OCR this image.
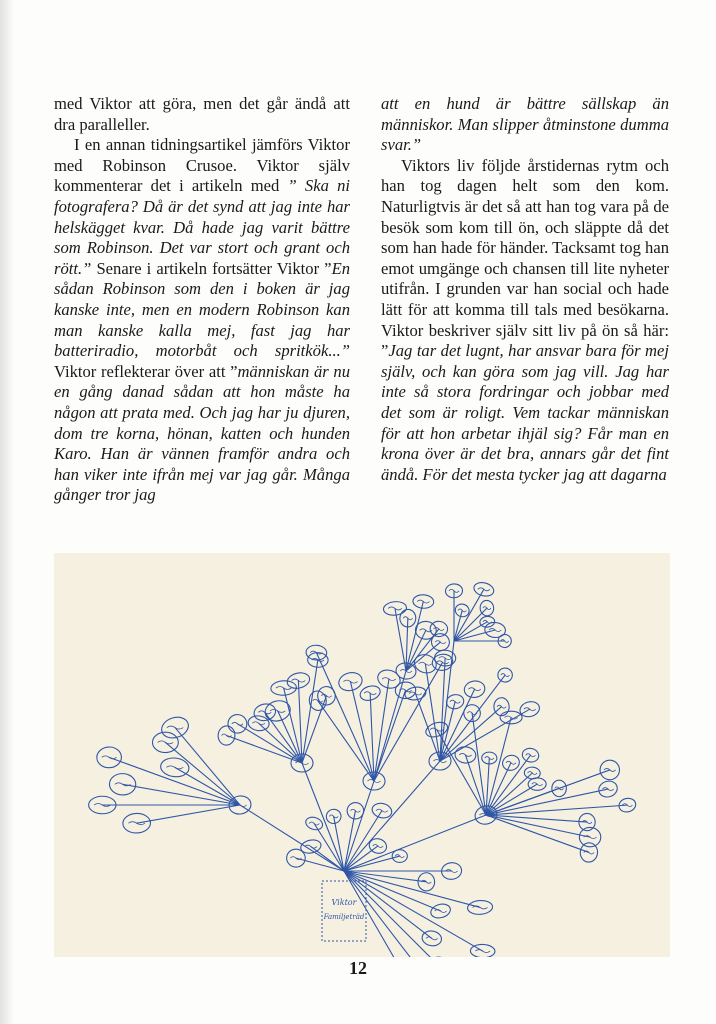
med Viktor att göra, men det går ändå att dra paralleller.

I en annan tidningsartikel jämförs Viktor med Robinson Crusoe. Viktor själv kommenterar det i artikeln med ” Ska ni fotografera? Då är det synd att jag inte har helskägget kvar. Då hade jag varit bättre som Robinson. Det var stort och grant och rött.” Senare i artikeln fortsätter Viktor ”En sådan Robinson som den i boken är jag kanske inte, men en modern Robinson kan man kanske kalla mej, fast jag har batteriradio, motorbåt och spritkök...” Viktor reflekterar över att ”människan är nu en gång danad sådan att hon måste ha någon att prata med. Och jag har ju djuren, dom tre korna, hönan, katten och hunden Karo. Han är vännen framför andra och han viker inte ifrån mej var jag går. Många gånger tror jag

att en hund är bättre sällskap än människor. Man slipper åtminstone dumma svar.”

Viktors liv följde årstidernas rytm och han tog dagen helt som den kom. Naturligtvis är det så att han tog vara på de besök som kom till ön, och släppte då det som han hade för händer. Tacksamt tog han emot umgänge och chansen till lite nyheter utifrån. I grunden var han social och hade lätt för att komma till tals med besökarna. Viktor beskriver själv sitt liv på ön så här: ”Jag tar det lugnt, har ansvar bara för mej själv, och kan göra som jag vill. Jag har inte så stora fordringar och jobbar med det som är roligt. Vem tackar människan för att hon arbetar ihjäl sig? Får man en krona över är det bra, annars går det fint ändå. För det mesta tycker jag att dagarna

Viktor
Familjeträd
12
